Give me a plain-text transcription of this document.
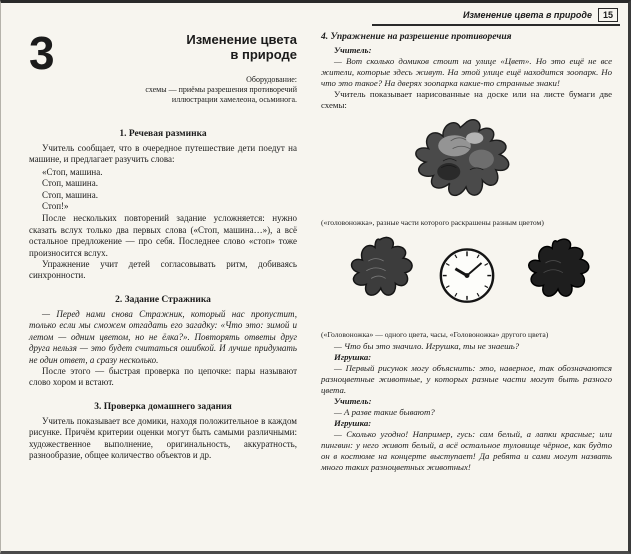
Изменение цвета в природе	15
3	Изменение цвета
в природе
Оборудование:
схемы — приёмы разрешения противоречий
иллюстрации хамелеона, осьминога.
1. Речевая разминка

Учитель сообщает, что в очередное путешествие дети поедут на машине, и предлагает разучить слова:

«Стоп, машина.
Стоп, машина.
Стоп, машина.
Стоп!»

После нескольких повторений задание усложняется: нужно сказать вслух только два первых слова («Стоп, машина…»), а всё остальное предложение — про себя. Последнее слово «стоп» тоже произносится вслух.

Упражнение учит детей согласовывать ритм, добиваясь синхронности.

2. Задание Стражника

— Перед нами снова Стражник, который нас пропустит, только если мы сможем отгадать его загадку: «Что это: зимой и летом — одним цветом, но не ёлка?». Повторять ответы друг друга нельзя — это будет считаться ошибкой. И лучше придумать не один ответ, а сразу несколько.

После этого — быстрая проверка по цепочке: пары называют слово хором и встают.

3. Проверка домашнего задания

Учитель показывает все домики, находя положительное в каждом рисунке. Причём критерии оценки могут быть самыми различными: художественное выполнение, оригинальность, аккуратность, разнообразие, общее количество объектов и др.

4. Упражнение на разрешение противоречия

Учитель:

— Вот сколько домиков стоит на улице «Цвет». Но это ещё не все жители, которые здесь живут. На этой улице ещё находится зоопарк. Но что это такое? На дверях зоопарка какие-то странные знаки!

Учитель показывает нарисованные на доске или на листе бумаги две схемы:

(«головоножка», разные части которого раскрашены разным цветом)
(«Головоножка» — одного цвета, часы, «Головоножка» другого цвета)

— Что бы это значило. Игрушка, ты не знаешь?

Игрушка:

— Первый рисунок могу объяснить: это, наверное, так обозначаются разноцветные животные, у которых разные части могут быть разного цвета.

Учитель:

— А разве такие бывают?

Игрушка:

— Сколько угодно! Например, гусь: сам белый, а лапки красные; или пингвин: у него живот белый, а всё остальное туловище чёрное, как будто он в костюме на концерте выступает! Да ребята и сами могут назвать много таких разноцветных животных!
